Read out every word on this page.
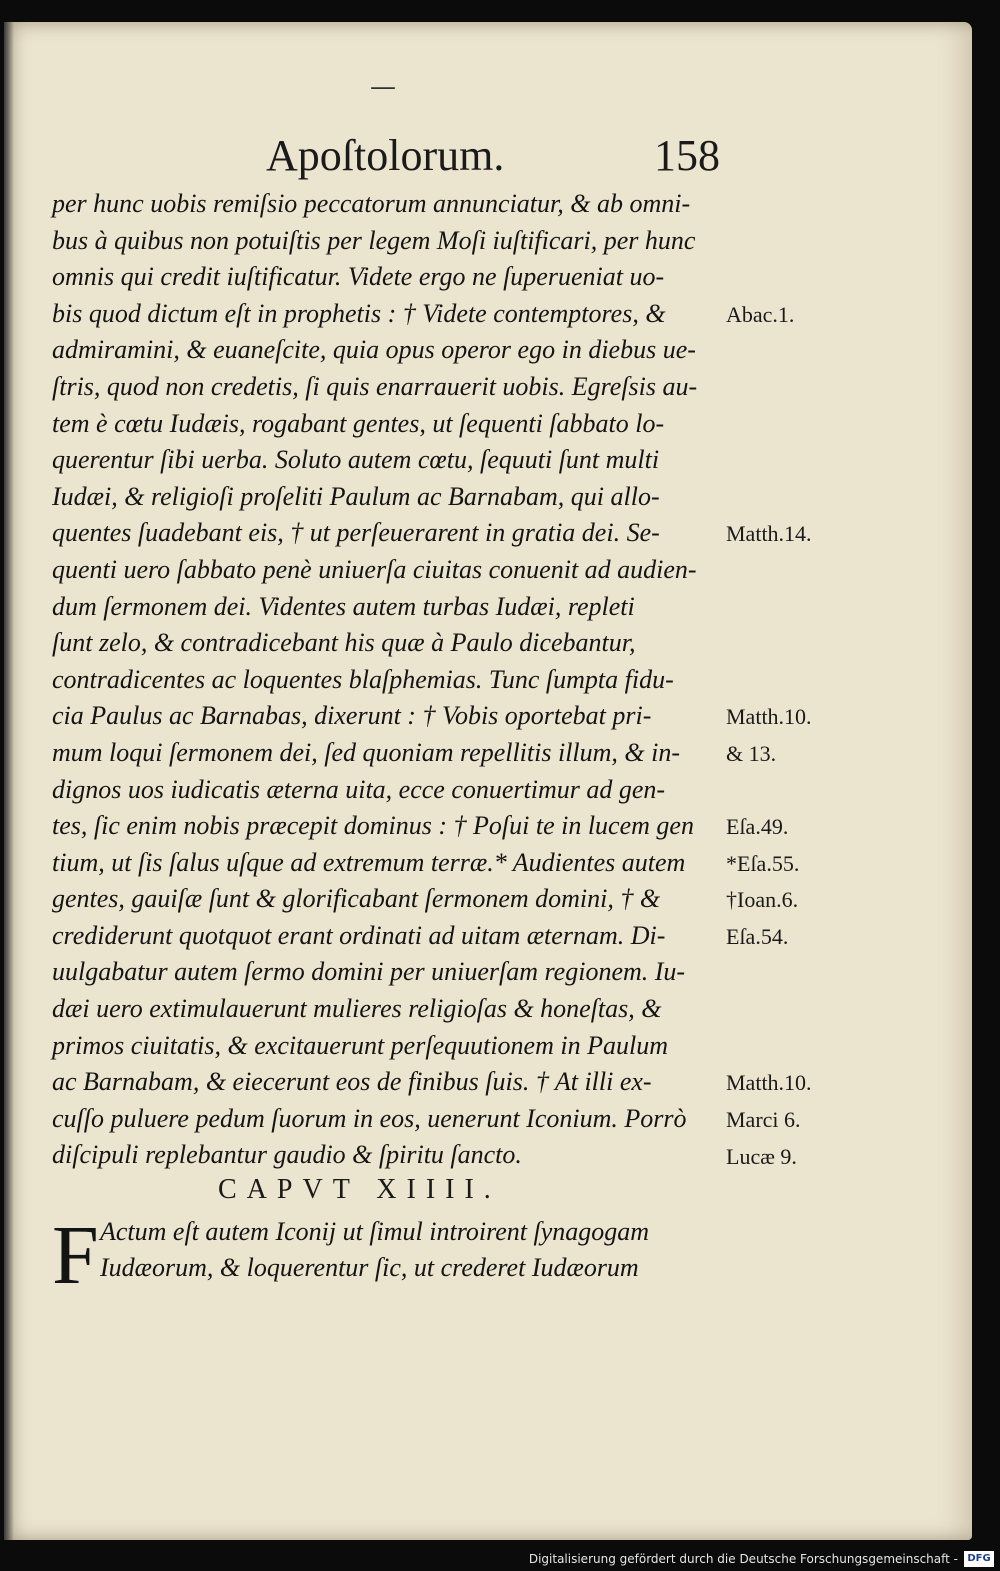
—
Apoſtolorum.	158
per hunc uobis remiſsio peccatorum annunciatur, & ab omni-
bus à quibus non potuiſtis per legem Moſi iuſtificari, per hunc
omnis qui credit iuſtificatur. Videte ergo ne ſuperueniat uo-
bis quod dictum eſt in prophetis : † Videte contemptores, &
admiramini, & euaneſcite, quia opus operor ego in diebus ue-
ſtris, quod non credetis, ſi quis enarrauerit uobis. Egreſsis au-
tem è cœtu Iudæis, rogabant gentes, ut ſequenti ſabbato lo-
querentur ſibi uerba. Soluto autem cœtu, ſequuti ſunt multi
Iudæi, & religioſi proſeliti Paulum ac Barnabam, qui allo-
quentes ſuadebant eis, † ut perſeuerarent in gratia dei. Se-
quenti uero ſabbato penè uniuerſa ciuitas conuenit ad audien-
dum ſermonem dei. Videntes autem turbas Iudæi, repleti
ſunt zelo, & contradicebant his quæ à Paulo dicebantur,
contradicentes ac loquentes blaſphemias. Tunc ſumpta fidu-
cia Paulus ac Barnabas, dixerunt : † Vobis oportebat pri-
mum loqui ſermonem dei, ſed quoniam repellitis illum, & in-
dignos uos iudicatis æterna uita, ecce conuertimur ad gen-
tes, ſic enim nobis præcepit dominus : † Poſui te in lucem gen
tium, ut ſis ſalus uſque ad extremum terræ.* Audientes autem
gentes, gauiſæ ſunt & glorificabant ſermonem domini, † &
crediderunt quotquot erant ordinati ad uitam æternam. Di-
uulgabatur autem ſermo domini per uniuerſam regionem. Iu-
dæi uero extimulauerunt mulieres religioſas & honeſtas, &
primos ciuitatis, & excitauerunt perſequutionem in Paulum
ac Barnabam, & eiecerunt eos de finibus ſuis. † At illi ex-
cuſſo puluere pedum ſuorum in eos, uenerunt Iconium. Porrò
diſcipuli replebantur gaudio & ſpiritu ſancto.
Abac.1.
Matth.14.
Matth.10.
& 13.
Eſa.49.
*Eſa.55.
†Ioan.6.
Eſa.54.
Matth.10.
Marci 6.
Lucæ 9.
CAPVT XIIII.
F Actum eſt autem Iconij ut ſimul introirent ſynagogam
Iudæorum, & loquerentur ſic, ut crederet Iudæorum
Digitalisierung gefördert durch die Deutsche Forschungsgemeinschaft - DFG
